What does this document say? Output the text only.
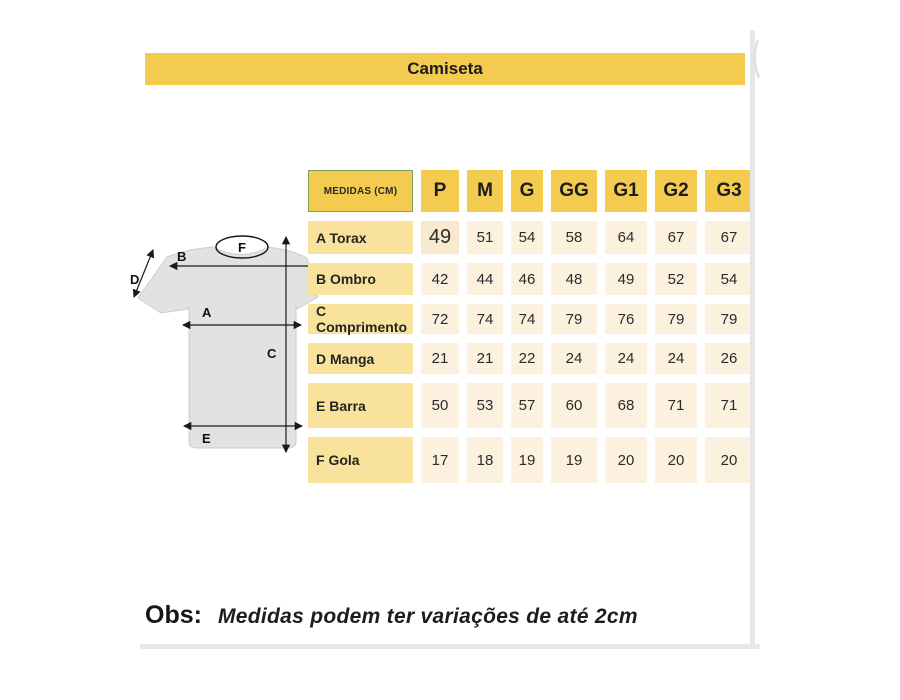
Camiseta
F
B
D
A
C
E
MEDIDAS (CM)	P	M	G	GG	G1	G2	G3
A Torax	49	51	54	58	64	67	67
B Ombro	42	44	46	48	49	52	54
C Comprimento	72	74	74	79	76	79	79
D Manga	21	21	22	24	24	24	26
E Barra	50	53	57	60	68	71	71
F Gola	17	18	19	19	20	20	20
Obs: Medidas podem ter variações de até 2cm
